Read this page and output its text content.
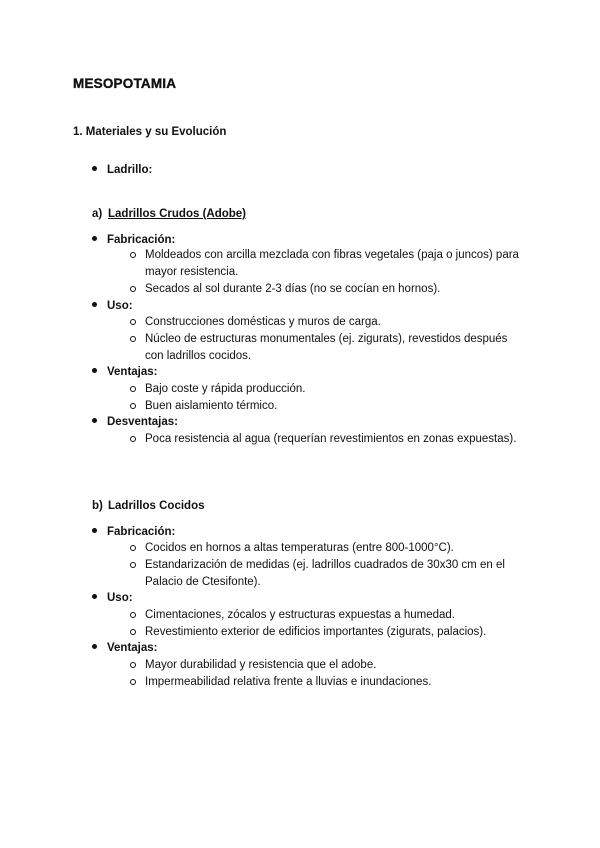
MESOPOTAMIA
1. Materiales y su Evolución
Ladrillo:
a) Ladrillos Crudos (Adobe)
Fabricación:
Moldeados con arcilla mezclada con fibras vegetales (paja o juncos) para mayor resistencia.
Secados al sol durante 2-3 días (no se cocían en hornos).
Uso:
Construcciones domésticas y muros de carga.
Núcleo de estructuras monumentales (ej. zigurats), revestidos después con ladrillos cocidos.
Ventajas:
Bajo coste y rápida producción.
Buen aislamiento térmico.
Desventajas:
Poca resistencia al agua (requerían revestimientos en zonas expuestas).
b) Ladrillos Cocidos
Fabricación:
Cocidos en hornos a altas temperaturas (entre 800-1000°C).
Estandarización de medidas (ej. ladrillos cuadrados de 30x30 cm en el Palacio de Ctesifonte).
Uso:
Cimentaciones, zócalos y estructuras expuestas a humedad.
Revestimiento exterior de edificios importantes (zigurats, palacios).
Ventajas:
Mayor durabilidad y resistencia que el adobe.
Impermeabilidad relativa frente a lluvias e inundaciones.
